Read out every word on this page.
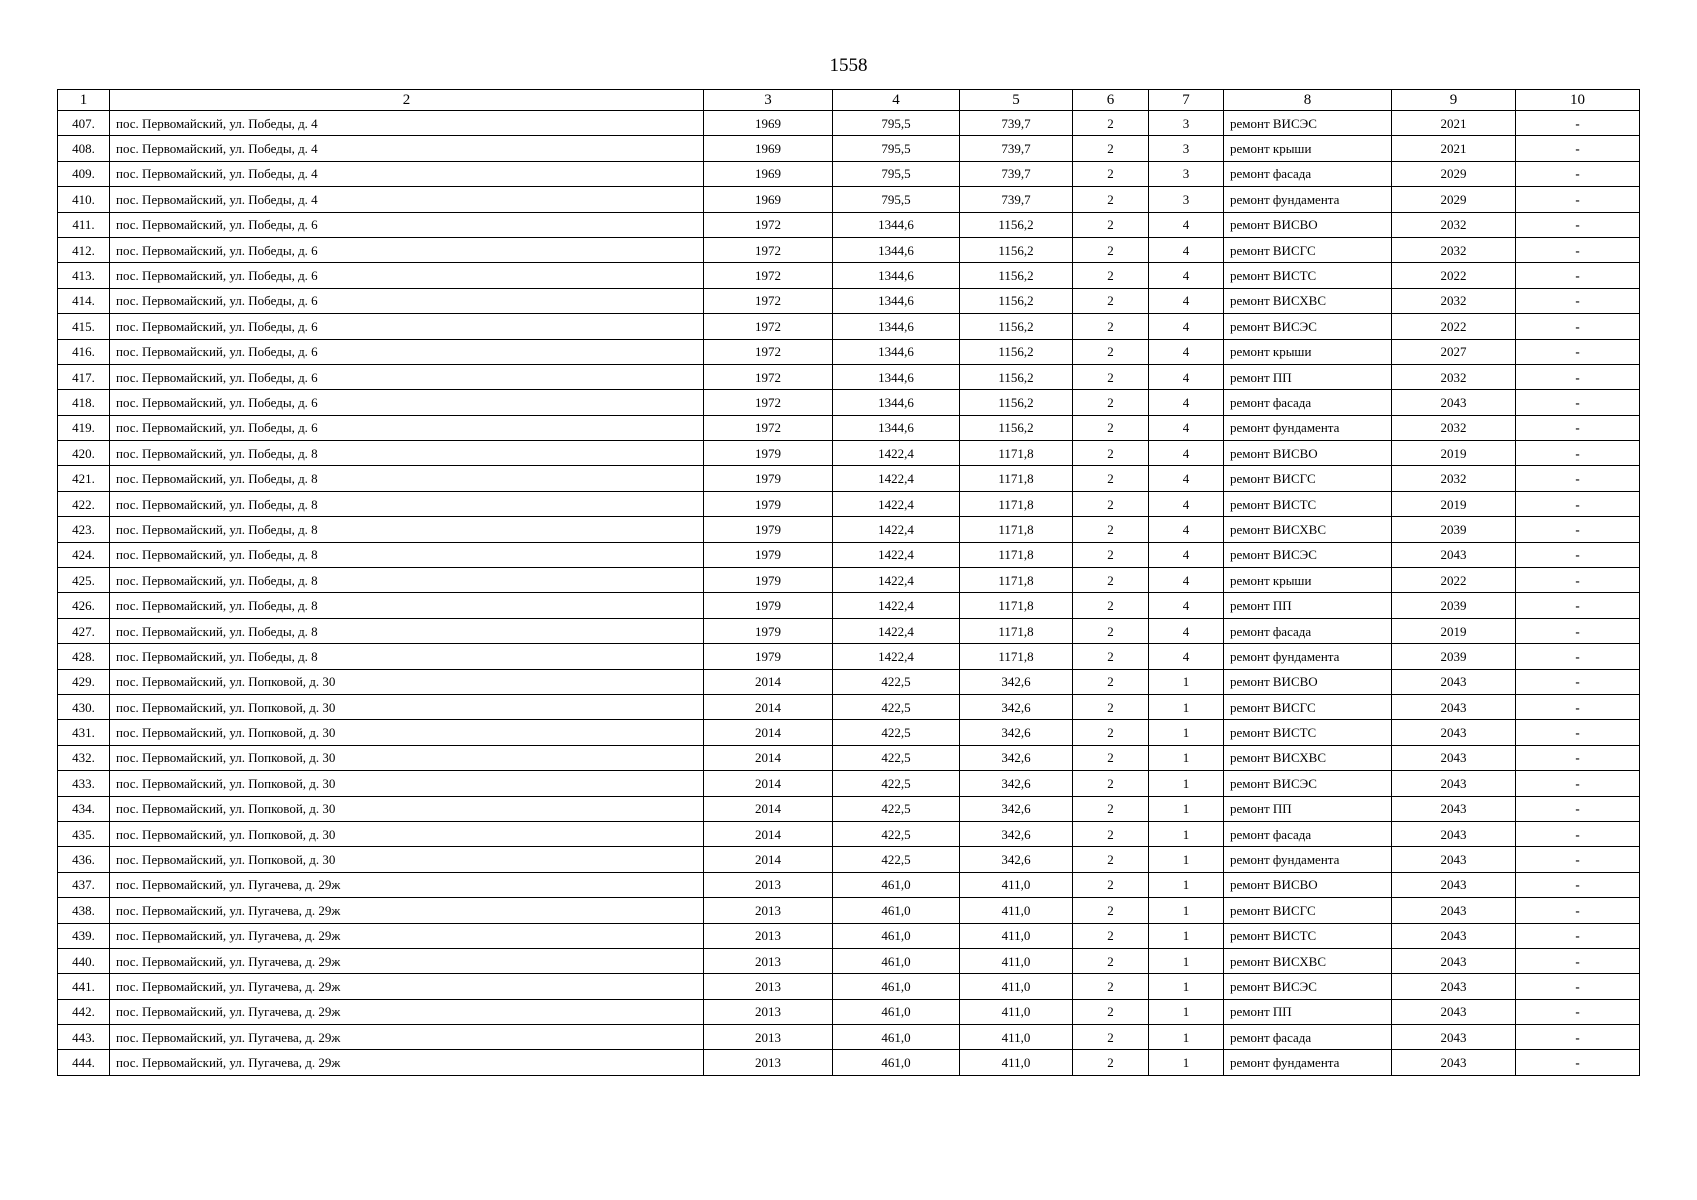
1558
1	2	3	4	5	6	7	8	9	10
407.	пос. Первомайский, ул. Победы, д. 4	1969	795,5	739,7	2	3	ремонт ВИСЭС	2021	-
408.	пос. Первомайский, ул. Победы, д. 4	1969	795,5	739,7	2	3	ремонт крыши	2021	-
409.	пос. Первомайский, ул. Победы, д. 4	1969	795,5	739,7	2	3	ремонт фасада	2029	-
410.	пос. Первомайский, ул. Победы, д. 4	1969	795,5	739,7	2	3	ремонт фундамента	2029	-
411.	пос. Первомайский, ул. Победы, д. 6	1972	1344,6	1156,2	2	4	ремонт ВИСВО	2032	-
412.	пос. Первомайский, ул. Победы, д. 6	1972	1344,6	1156,2	2	4	ремонт ВИСГС	2032	-
413.	пос. Первомайский, ул. Победы, д. 6	1972	1344,6	1156,2	2	4	ремонт ВИСТС	2022	-
414.	пос. Первомайский, ул. Победы, д. 6	1972	1344,6	1156,2	2	4	ремонт ВИСХВС	2032	-
415.	пос. Первомайский, ул. Победы, д. 6	1972	1344,6	1156,2	2	4	ремонт ВИСЭС	2022	-
416.	пос. Первомайский, ул. Победы, д. 6	1972	1344,6	1156,2	2	4	ремонт крыши	2027	-
417.	пос. Первомайский, ул. Победы, д. 6	1972	1344,6	1156,2	2	4	ремонт ПП	2032	-
418.	пос. Первомайский, ул. Победы, д. 6	1972	1344,6	1156,2	2	4	ремонт фасада	2043	-
419.	пос. Первомайский, ул. Победы, д. 6	1972	1344,6	1156,2	2	4	ремонт фундамента	2032	-
420.	пос. Первомайский, ул. Победы, д. 8	1979	1422,4	1171,8	2	4	ремонт ВИСВО	2019	-
421.	пос. Первомайский, ул. Победы, д. 8	1979	1422,4	1171,8	2	4	ремонт ВИСГС	2032	-
422.	пос. Первомайский, ул. Победы, д. 8	1979	1422,4	1171,8	2	4	ремонт ВИСТС	2019	-
423.	пос. Первомайский, ул. Победы, д. 8	1979	1422,4	1171,8	2	4	ремонт ВИСХВС	2039	-
424.	пос. Первомайский, ул. Победы, д. 8	1979	1422,4	1171,8	2	4	ремонт ВИСЭС	2043	-
425.	пос. Первомайский, ул. Победы, д. 8	1979	1422,4	1171,8	2	4	ремонт крыши	2022	-
426.	пос. Первомайский, ул. Победы, д. 8	1979	1422,4	1171,8	2	4	ремонт ПП	2039	-
427.	пос. Первомайский, ул. Победы, д. 8	1979	1422,4	1171,8	2	4	ремонт фасада	2019	-
428.	пос. Первомайский, ул. Победы, д. 8	1979	1422,4	1171,8	2	4	ремонт фундамента	2039	-
429.	пос. Первомайский, ул. Попковой, д. 30	2014	422,5	342,6	2	1	ремонт ВИСВО	2043	-
430.	пос. Первомайский, ул. Попковой, д. 30	2014	422,5	342,6	2	1	ремонт ВИСГС	2043	-
431.	пос. Первомайский, ул. Попковой, д. 30	2014	422,5	342,6	2	1	ремонт ВИСТС	2043	-
432.	пос. Первомайский, ул. Попковой, д. 30	2014	422,5	342,6	2	1	ремонт ВИСХВС	2043	-
433.	пос. Первомайский, ул. Попковой, д. 30	2014	422,5	342,6	2	1	ремонт ВИСЭС	2043	-
434.	пос. Первомайский, ул. Попковой, д. 30	2014	422,5	342,6	2	1	ремонт ПП	2043	-
435.	пос. Первомайский, ул. Попковой, д. 30	2014	422,5	342,6	2	1	ремонт фасада	2043	-
436.	пос. Первомайский, ул. Попковой, д. 30	2014	422,5	342,6	2	1	ремонт фундамента	2043	-
437.	пос. Первомайский, ул. Пугачева, д. 29ж	2013	461,0	411,0	2	1	ремонт ВИСВО	2043	-
438.	пос. Первомайский, ул. Пугачева, д. 29ж	2013	461,0	411,0	2	1	ремонт ВИСГС	2043	-
439.	пос. Первомайский, ул. Пугачева, д. 29ж	2013	461,0	411,0	2	1	ремонт ВИСТС	2043	-
440.	пос. Первомайский, ул. Пугачева, д. 29ж	2013	461,0	411,0	2	1	ремонт ВИСХВС	2043	-
441.	пос. Первомайский, ул. Пугачева, д. 29ж	2013	461,0	411,0	2	1	ремонт ВИСЭС	2043	-
442.	пос. Первомайский, ул. Пугачева, д. 29ж	2013	461,0	411,0	2	1	ремонт ПП	2043	-
443.	пос. Первомайский, ул. Пугачева, д. 29ж	2013	461,0	411,0	2	1	ремонт фасада	2043	-
444.	пос. Первомайский, ул. Пугачева, д. 29ж	2013	461,0	411,0	2	1	ремонт фундамента	2043	-
